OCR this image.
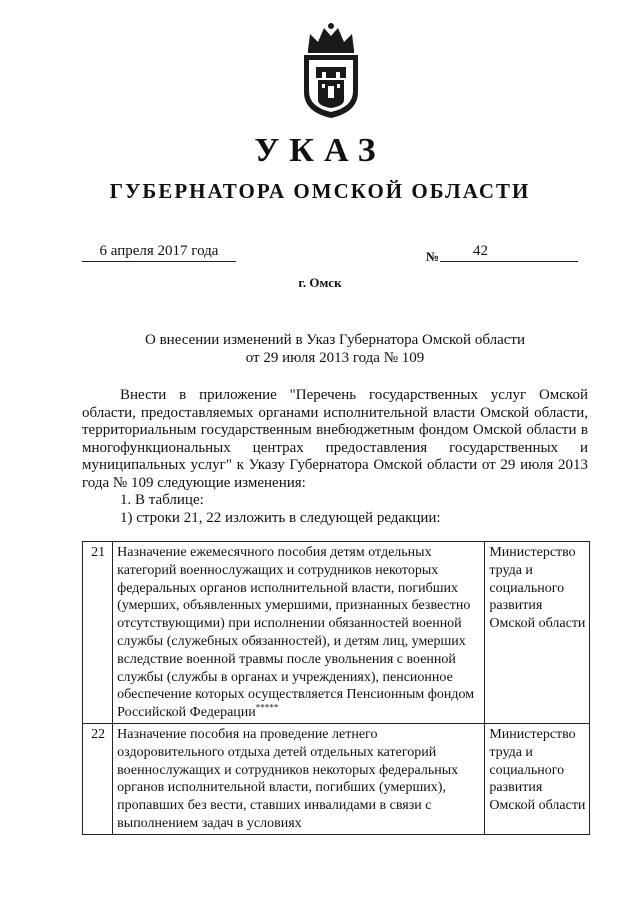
УКАЗ
ГУБЕРНАТОРА ОМСКОЙ ОБЛАСТИ
6 апреля 2017 года	№	42
г. Омск
О внесении изменений в Указ Губернатора Омской области
от 29 июля 2013 года № 109

Внести в приложение "Перечень государственных услуг Омской области, предоставляемых органами исполнительной власти Омской области, территориальным государственным внебюджетным фондом Омской области в многофункциональных центрах предоставления государственных и муниципальных услуг" к Указу Губернатора Омской области от 29 июля 2013 года № 109 следующие изменения:

1. В таблице:

1) строки 21, 22 изложить в следующей редакции:

21	Назначение ежемесячного пособия детям отдельных категорий военнослужащих и сотрудников некоторых федеральных органов исполнительной власти, погибших (умерших, объявленных умершими, признанных безвестно отсутствующими) при исполнении обязанностей военной службы (служебных обязанностей), и детям лиц, умерших вследствие военной травмы после увольнения с военной службы (службы в органах и учреждениях), пенсионное обеспечение которых осуществляется Пенсионным фондом Российской Федерации*****	Министерство труда и социального развития Омской области
22	Назначение пособия на проведение летнего оздоровительного отдыха детей отдельных категорий военнослужащих и сотрудников некоторых федеральных органов исполнительной власти, погибших (умерших), пропавших без вести, ставших инвалидами в связи с выполнением задач в условиях	Министерство труда и социального развития Омской области
